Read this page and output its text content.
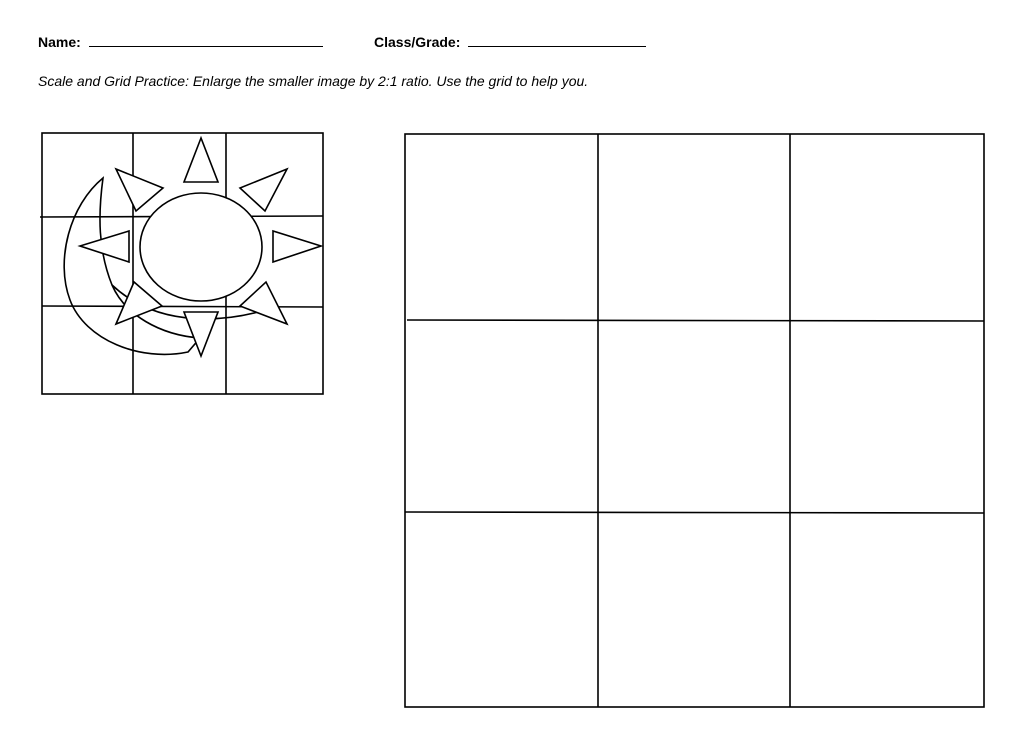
Name:	Class/Grade:
Scale and Grid Practice: Enlarge the smaller image by 2:1 ratio. Use the grid to help you.
